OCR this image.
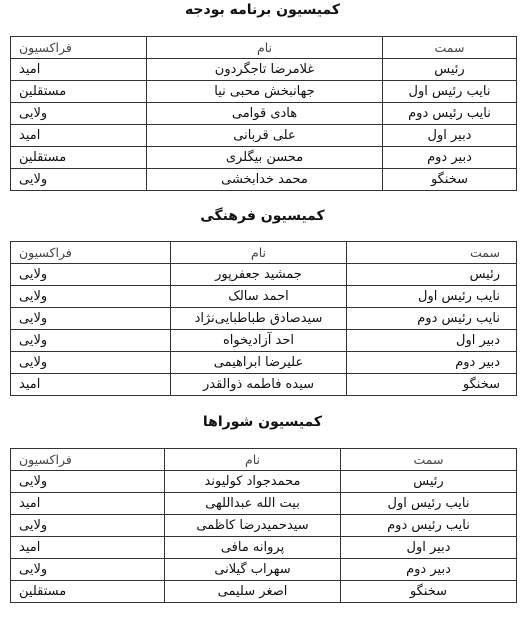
کمیسیون برنامه بودجه
سمت	نام	فراکسیون
رئیس	غلامرضا تاجگردون	امید
نایب رئیس اول	جهانبخش محبی نیا	مستقلین
نایب رئیس دوم	هادی قوامی	ولایی
دبیر اول	علی قربانی	امید
دبیر دوم	محسن بیگلری	مستقلین
سخنگو	محمد خدابخشی	ولایی
کمیسیون فرهنگی
سمت	نام	فراکسیون
رئیس	جمشید جعفرپور	ولایی
نایب رئیس اول	احمد سالک	ولایی
نایب رئیس دوم	سیدصادق طباطبایی‌نژاد	ولایی
دبیر اول	احد آزادیخواه	ولایی
دبیر دوم	علیرضا ابراهیمی	ولایی
سخنگو	سیده فاطمه ذوالقدر	امید
کمیسیون شوراها
سمت	نام	فراکسیون
رئیس	محمدجواد کولیوند	ولایی
نایب رئیس اول	بیت الله عبداللهی	امید
نایب رئیس دوم	سیدحمیدرضا کاظمی	ولایی
دبیر اول	پروانه مافی	امید
دبیر دوم	سهراب گیلانی	ولایی
سخنگو	اصغر سلیمی	مستقلین
